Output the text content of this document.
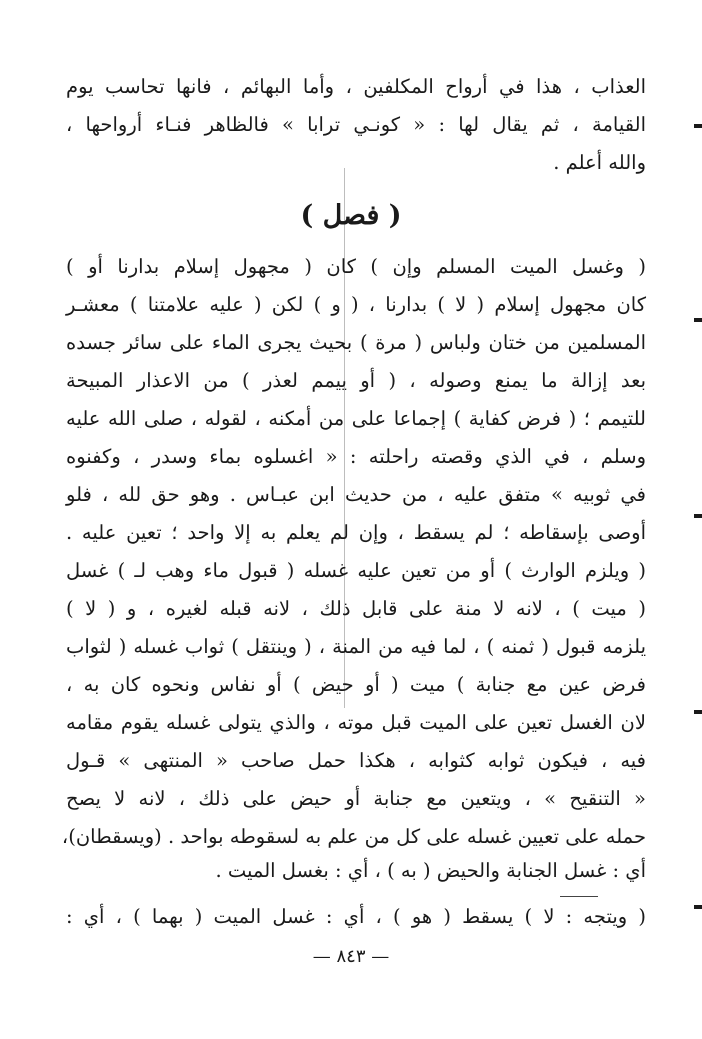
العذاب ، هذا في أرواح المكلفين ، وأما البهائم ، فانها تحاسب يوم
القيامة ، ثم يقال لها : « كونـي ترابا » فالظاهر فنـاء أرواحها ،
والله أعلم .
( فصل )
( وغسل الميت المسلم وإن ) كان ( مجهول إسلام بدارنا أو )
كان مجهول إسلام ( لا ) بدارنا ، ( و ) لكن ( عليه علامتنا ) معشـر
المسلمين من ختان ولباس ( مرة ) بحيث يجرى الماء على سائر جسده
بعد إزالة ما يمنع وصوله ، ( أو ييمم لعذر ) من الاعذار المبيحة
للتيمم ؛ ( فرض كفاية ) إجماعا على من أمكنه ، لقوله ، صلى الله عليه
وسلم ، في الذي وقصته راحلته : « اغسلوه بماء وسدر ، وكفنوه
في ثوبيه » متفق عليه ، من حديث ابن عبـاس . وهو حق لله ، فلو
أوصى بإسقاطه ؛ لم يسقط ، وإن لم يعلم به إلا واحد ؛ تعين عليه .
( ويلزم الوارث ) أو من تعين عليه غسله ( قبول ماء وهب لـ ) غسل
( ميت ) ، لانه لا منة على قابل ذلك ، لانه قبله لغيره ، و ( لا )
يلزمه قبول ( ثمنه ) ، لما فيه من المنة ، ( وينتقل ) ثواب غسله ( لثواب
فرض عين مع جنابة ) ميت ( أو حيض ) أو نفاس ونحوه كان به ،
لان الغسل تعين على الميت قبل موته ، والذي يتولى غسله يقوم مقامه
فيه ، فيكون ثوابه كثوابه ، هكذا حمل صاحب « المنتهى » قـول
« التنقيح » ، ويتعين مع جنابة أو حيض على ذلك ، لانه لا يصح
حمله على تعيين غسله على كل من علم به لسقوطه بواحد . (ويسقطان)،
أي : غسل الجنابة والحيض ( به ) ، أي : بغسل الميت .
( ويتجه : لا ) يسقط ( هو ) ، أي : غسل الميت ( بهما ) ، أي :
— ٨٤٣ —
